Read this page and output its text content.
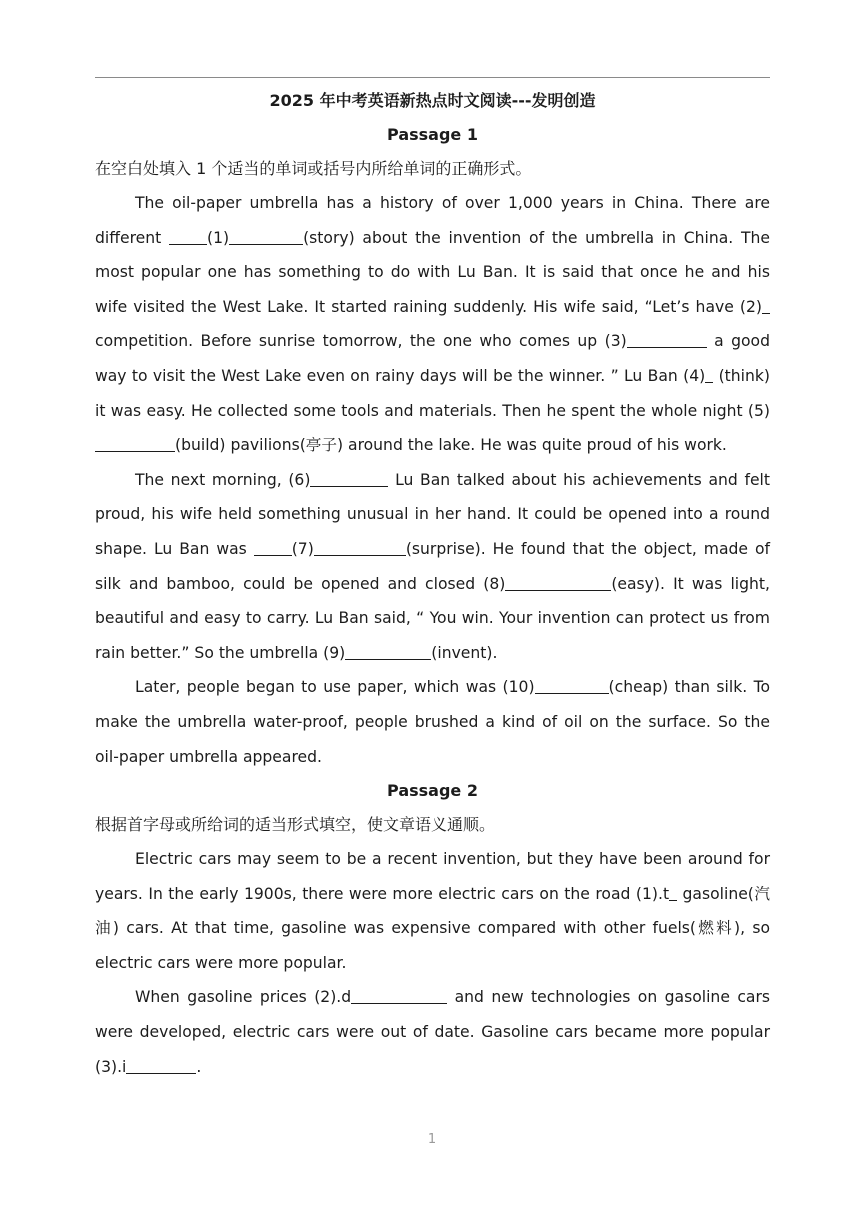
2025 年中考英语新热点时文阅读---发明创造

Passage 1

在空白处填入 1 个适当的单词或括号内所给单词的正确形式。

The oil-paper umbrella has a history of over 1,000 years in China. There are different (1)	(story) about the invention of the umbrella in China. The most popular one has something to do with Lu Ban. It is said that once he and his wife visited the West Lake. It started raining suddenly. His wife said, “Let’s have (2) competition. Before sunrise tomorrow, the one who comes up (3)	a good way to visit the West Lake even on rainy days will be the winner. ” Lu Ban (4) (think) it was easy. He collected some tools and materials. Then he spent the whole night (5)(build) pavilions(亭子) around the lake. He was quite proud of his work.

The next morning, (6)	Lu Ban talked about his achievements and felt proud, his wife held something unusual in her hand. It could be opened into a round shape. Lu Ban was (7)	(surprise). He found that the object, made of silk and bamboo, could be opened and closed (8)	(easy). It was light, beautiful and easy to carry. Lu Ban said, “ You win. Your invention can protect us from rain better.” So the umbrella (9)	(invent).

Later, people began to use paper, which was (10)	(cheap) than silk. To make the umbrella water-proof, people brushed a kind of oil on the surface. So the oil-paper umbrella appeared.

Passage 2

根据首字母或所给词的适当形式填空，使文章语义通顺。

Electric cars may seem to be a recent invention, but they have been around for years. In the early 1900s, there were more electric cars on the road (1).t gasoline(汽油) cars. At that time, gasoline was expensive compared with other fuels(燃料), so electric cars were more popular.

When gasoline prices (2).d	and new technologies on gasoline cars were developed, electric cars were out of date. Gasoline cars became more popular (3).i	.

1
